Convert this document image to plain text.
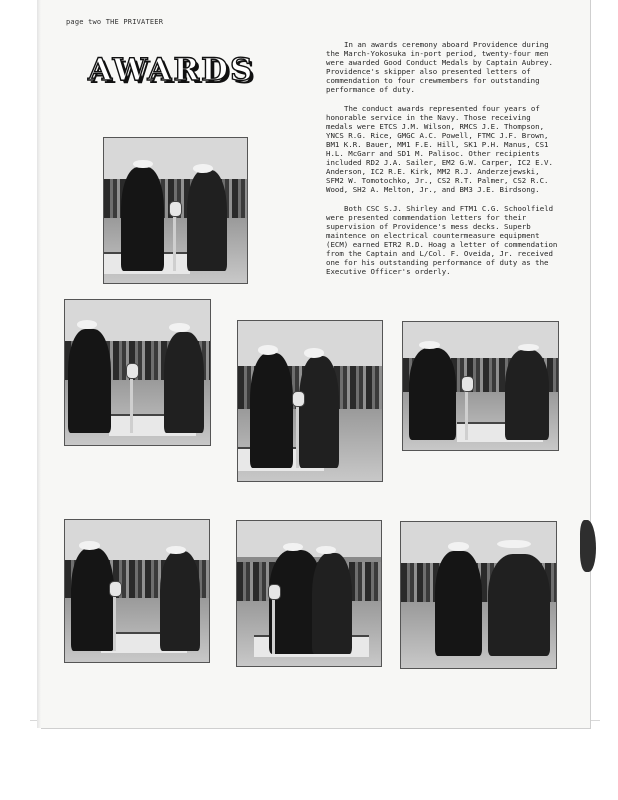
page two THE PRIVATEER
AWARDS

In an awards ceremony aboard Providence during the March-Yokosuka in-port period, twenty-four men were awarded Good Conduct Medals by Captain Aubrey. Providence's skipper also presented letters of commendation to four crewmembers for outstanding performance of duty.

The conduct awards represented four years of honorable service in the Navy. Those receiving medals were ETCS J.M. Wilson, RMCS J.E. Thompson, YNCS R.G. Rice, GMGC A.C. Powell, FTMC J.F. Brown, BM1 K.R. Bauer, MM1 F.E. Hill, SK1 P.H. Manus, CS1 H.L. McGarr and SD1 M. Palisoc. Other recipients included RD2 J.A. Sailer, EM2 G.W. Carper, IC2 E.V. Anderson, IC2 R.E. Kirk, MM2 R.J. Anderzejewski, SFM2 W. Tomotochko, Jr., CS2 R.T. Palmer, CS2 R.C. Wood, SH2 A. Melton, Jr., and BM3 J.E. Birdsong.

Both CSC S.J. Shirley and FTM1 C.G. Schoolfield were presented commendation letters for their supervision of Providence's mess decks. Superb maintence on electrical countermeasure equipment (ECM) earned ETR2 R.D. Hoag a letter of commendation from the Captain and L/Col. F. Oveida, Jr. received one for his outstanding performance of duty as the Executive Officer's orderly.
